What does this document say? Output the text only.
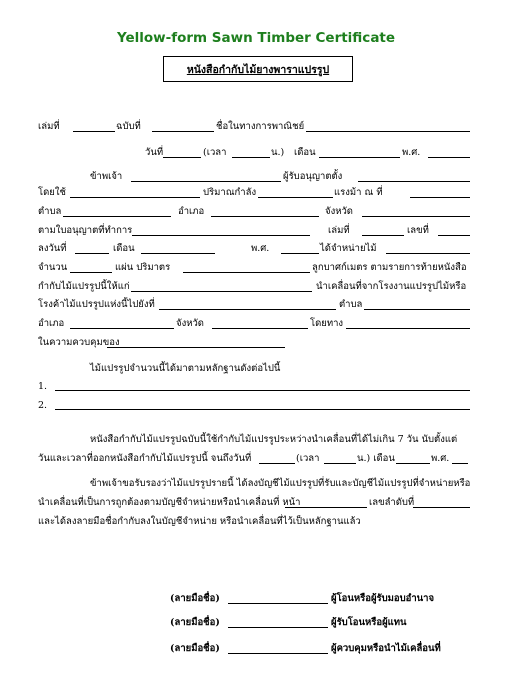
Yellow-form Sawn Timber Certificate
หนังสือกำกับไม้ยางพาราแปรรูป
เล่มที่	ฉบับที่	ชื่อในทางการพาณิชย์
วันที่	(เวลา	น.) เดือน	พ.ศ.
ข้าพเจ้า	ผู้รับอนุญาตตั้ง
โดยใช้	ปริมาณกำลัง	แรงม้า ณ ที่
ตำบล	อำเภอ	จังหวัด
ตามใบอนุญาตที่ทำการ	เล่มที่	เลขที่
ลงวันที่	เดือน	พ.ศ.	ได้จำหน่ายไม้
จำนวน	แผ่น ปริมาตร	ลูกบาศก์เมตร ตามรายการท้ายหนังสือ
กำกับไม้แปรรูปนี้ให้แก่	นำเคลื่อนที่จากโรงงานแปรรูปไม้หรือ
โรงค้าไม้แปรรูปแห่งนี้ไปยังที่	ตำบล
อำเภอ	จังหวัด	โดยทาง
ในความควบคุมของ
ไม้แปรรูปจำนวนนี้ได้มาตามหลักฐานดังต่อไปนี้
1.
2.
หนังสือกำกับไม้แปรรูปฉบับนี้ใช้กำกับไม้แปรรูประหว่างนำเคลื่อนที่ได้ไม่เกิน 7 วัน นับตั้งแต่
วันและเวลาที่ออกหนังสือกำกับไม้แปรรูปนี้ จนถึงวันที่	(เวลา	น.) เดือน	พ.ศ.
ข้าพเจ้าขอรับรองว่าไม้แปรรูปรายนี้ ได้ลงบัญชีไม้แปรรูปที่รับและบัญชีไม้แปรรูปที่จำหน่ายหรือ
นำเคลื่อนที่เป็นการถูกต้องตามบัญชีจำหน่ายหรือนำเคลื่อนที่ หน้า	เลขลำดับที่
และได้ลงลายมือชื่อกำกับลงในบัญชีจำหน่าย หรือนำเคลื่อนที่ไว้เป็นหลักฐานแล้ว
(ลายมือชื่อ)	ผู้โอนหรือผู้รับมอบอำนาจ
(ลายมือชื่อ)	ผู้รับโอนหรือผู้แทน
(ลายมือชื่อ)	ผู้ควบคุมหรือนำไม้เคลื่อนที่
